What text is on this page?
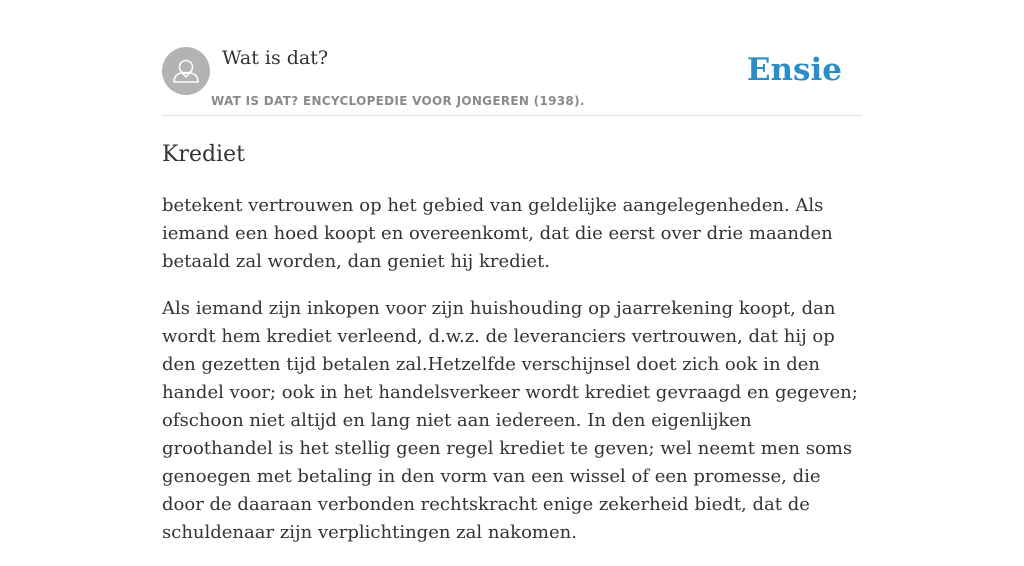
Wat is dat?
WAT IS DAT? ENCYCLOPEDIE VOOR JONGEREN (1938).
Ensie
Krediet

betekent vertrouwen op het gebied van geldelijke aangelegenheden. Als iemand een hoed koopt en overeenkomt, dat die eerst over drie maanden betaald zal worden, dan geniet hij krediet.

Als iemand zijn inkopen voor zijn huishouding op jaarrekening koopt, dan wordt hem krediet verleend, d.w.z. de leveranciers vertrouwen, dat hij op den gezetten tijd betalen zal.Hetzelfde verschijnsel doet zich ook in den handel voor; ook in het handelsverkeer wordt krediet gevraagd en gegeven; ofschoon niet altijd en lang niet aan iedereen. In den eigenlijken groothandel is het stellig geen regel krediet te geven; wel neemt men soms genoegen met betaling in den vorm van een wissel of een promesse, die door de daaraan verbonden rechtskracht enige zekerheid biedt, dat de schuldenaar zijn verplichtingen zal nakomen.
